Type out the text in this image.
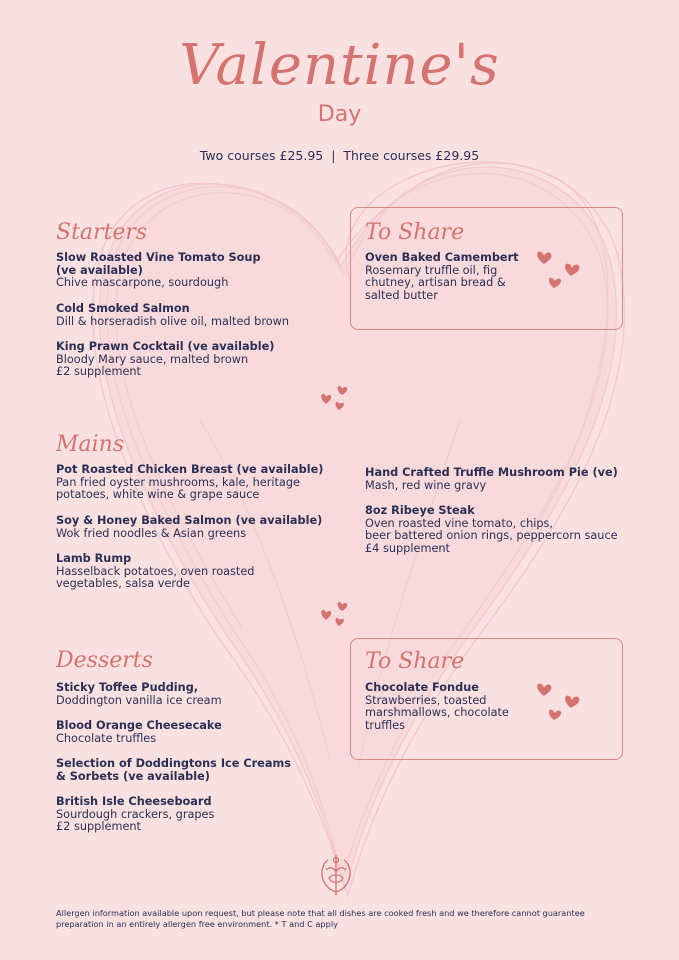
Valentine's
Day
Two courses £25.95  |  Three courses £29.95
Starters
Slow Roasted Vine Tomato Soup
(ve available)
Chive mascarpone, sourdough
Cold Smoked Salmon
Dill & horseradish olive oil, malted brown
King Prawn Cocktail (ve available)
Bloody Mary sauce, malted brown
£2 supplement
To Share
Oven Baked Camembert
Rosemary truffle oil, fig
chutney, artisan bread &
salted butter
Mains
Pot Roasted Chicken Breast (ve available)
Pan fried oyster mushrooms, kale, heritage
potatoes, white wine & grape sauce
Soy & Honey Baked Salmon (ve available)
Wok fried noodles & Asian greens
Lamb Rump
Hasselback potatoes, oven roasted
vegetables, salsa verde
Hand Crafted Truffle Mushroom Pie (ve)
Mash, red wine gravy
8oz Ribeye Steak
Oven roasted vine tomato, chips,
beer battered onion rings, peppercorn sauce
£4 supplement
Desserts
Sticky Toffee Pudding,
Doddington vanilla ice cream
Blood Orange Cheesecake
Chocolate truffles
Selection of Doddingtons Ice Creams
& Sorbets (ve available)
British Isle Cheeseboard
Sourdough crackers, grapes
£2 supplement
To Share
Chocolate Fondue
Strawberries, toasted
marshmallows, chocolate
truffles
Allergen information available upon request, but please note that all dishes are cooked fresh and we therefore cannot guarantee preparation in an entirely allergen free environment. * T and C apply
